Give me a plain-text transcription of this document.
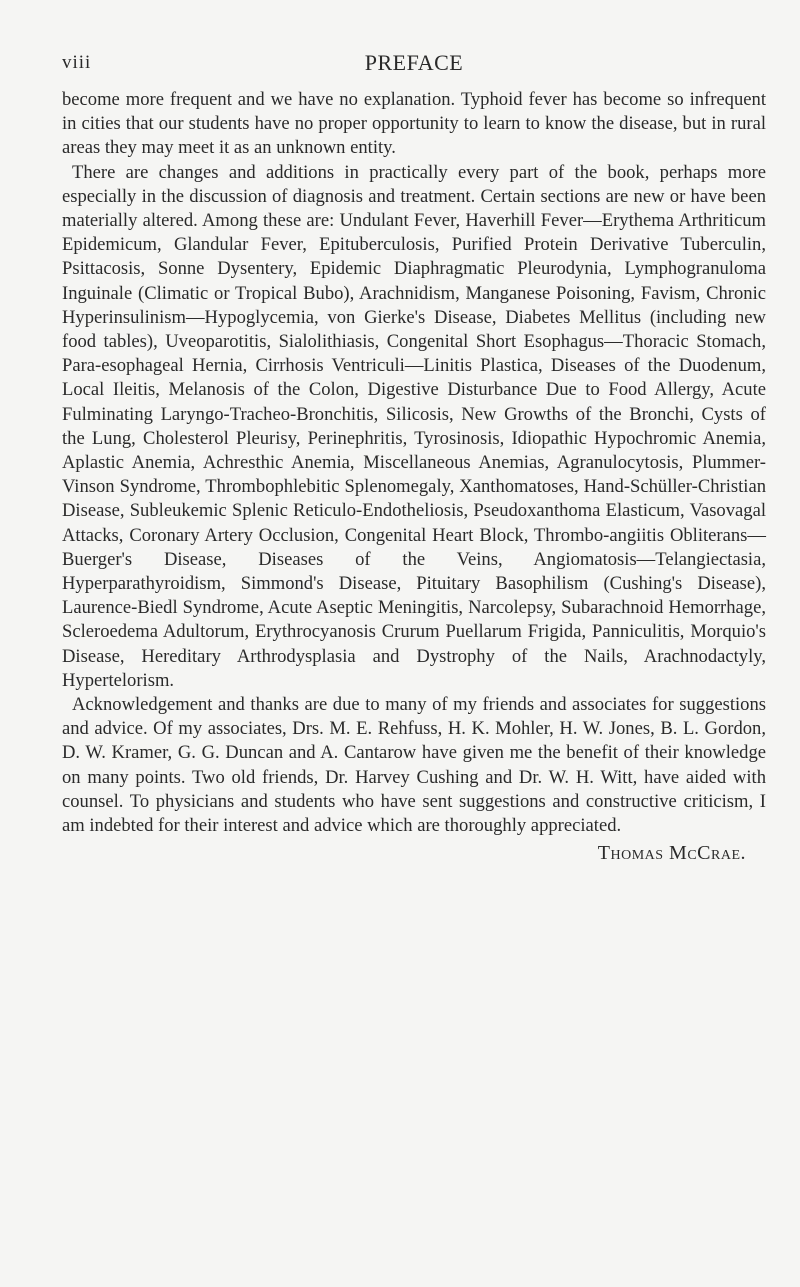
viii	PREFACE

become more frequent and we have no explanation. Typhoid fever has become so infrequent in cities that our students have no proper opportunity to learn to know the disease, but in rural areas they may meet it as an unknown entity.

There are changes and additions in practically every part of the book, perhaps more especially in the discussion of diagnosis and treatment. Certain sections are new or have been materially altered. Among these are: Undulant Fever, Haverhill Fever—Erythema Arthriticum Epidemicum, Glandular Fever, Epituberculosis, Purified Protein Derivative Tuberculin, Psittacosis, Sonne Dysentery, Epidemic Diaphragmatic Pleurodynia, Lymphogranuloma Inguinale (Climatic or Tropical Bubo), Arachnidism, Manganese Poisoning, Favism, Chronic Hyperinsulinism—Hypoglycemia, von Gierke's Disease, Diabetes Mellitus (including new food tables), Uveoparotitis, Sialolithiasis, Congenital Short Esophagus—Thoracic Stomach, Para-esophageal Hernia, Cirrhosis Ventriculi—Linitis Plastica, Diseases of the Duodenum, Local Ileitis, Melanosis of the Colon, Digestive Disturbance Due to Food Allergy, Acute Fulminating Laryngo-Tracheo-Bronchitis, Silicosis, New Growths of the Bronchi, Cysts of the Lung, Cholesterol Pleurisy, Perinephritis, Tyrosinosis, Idiopathic Hypochromic Anemia, Aplastic Anemia, Achresthic Anemia, Miscellaneous Anemias, Agranulocytosis, Plummer-Vinson Syndrome, Thrombophlebitic Splenomegaly, Xanthomatoses, Hand-Schüller-Christian Disease, Subleukemic Splenic Reticulo-Endotheliosis, Pseudoxanthoma Elasticum, Vasovagal Attacks, Coronary Artery Occlusion, Congenital Heart Block, Thrombo-angiitis Obliterans—Buerger's Disease, Diseases of the Veins, Angiomatosis—Telangiectasia, Hyperparathyroidism, Simmond's Disease, Pituitary Basophilism (Cushing's Disease), Laurence-Biedl Syndrome, Acute Aseptic Meningitis, Narcolepsy, Subarachnoid Hemorrhage, Scleroedema Adultorum, Erythrocyanosis Crurum Puellarum Frigida, Panniculitis, Morquio's Disease, Hereditary Arthrodysplasia and Dystrophy of the Nails, Arachnodactyly, Hypertelorism.

Acknowledgement and thanks are due to many of my friends and associates for suggestions and advice. Of my associates, Drs. M. E. Rehfuss, H. K. Mohler, H. W. Jones, B. L. Gordon, D. W. Kramer, G. G. Duncan and A. Cantarow have given me the benefit of their knowledge on many points. Two old friends, Dr. Harvey Cushing and Dr. W. H. Witt, have aided with counsel. To physicians and students who have sent suggestions and constructive criticism, I am indebted for their interest and advice which are thoroughly appreciated.

Thomas McCrae.
